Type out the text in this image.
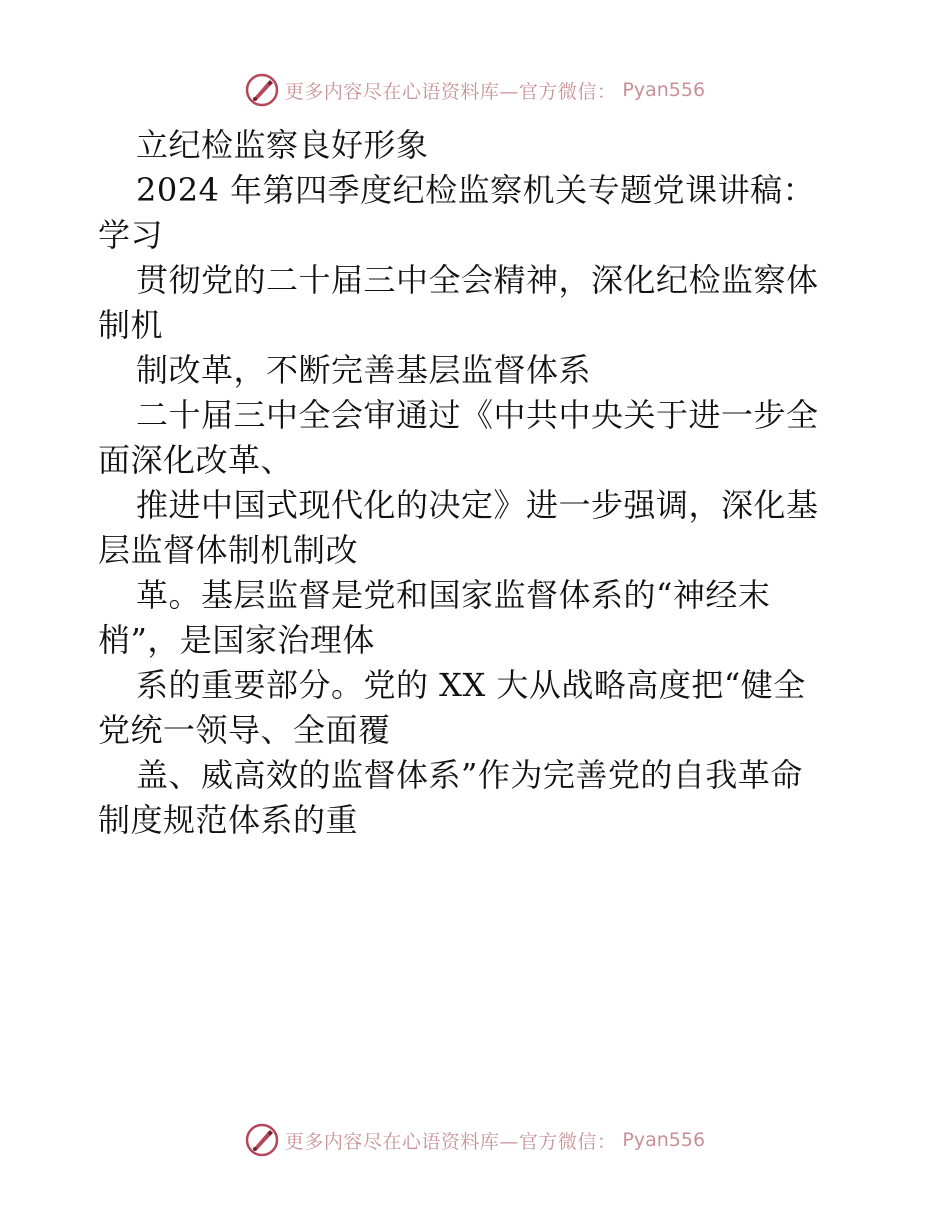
更多内容尽在心语资料库—官方微信： Pyan556
立纪检监察良好形象
2024 年第四季度纪检监察机关专题党课讲稿：
学习
贯彻党的二十届三中全会精神，深化纪检监察体
制机
制改革，不断完善基层监督体系
二十届三中全会审通过《中共中央关于进一步全
面深化改革、
推进中国式现代化的决定》进一步强调，深化基
层监督体制机制改
革。基层监督是党和国家监督体系的“神经末
梢”，是国家治理体
系的重要部分。党的 XX 大从战略高度把“健全
党统一领导、全面覆
盖、威高效的监督体系”作为完善党的自我革命
制度规范体系的重
更多内容尽在心语资料库—官方微信： Pyan556
